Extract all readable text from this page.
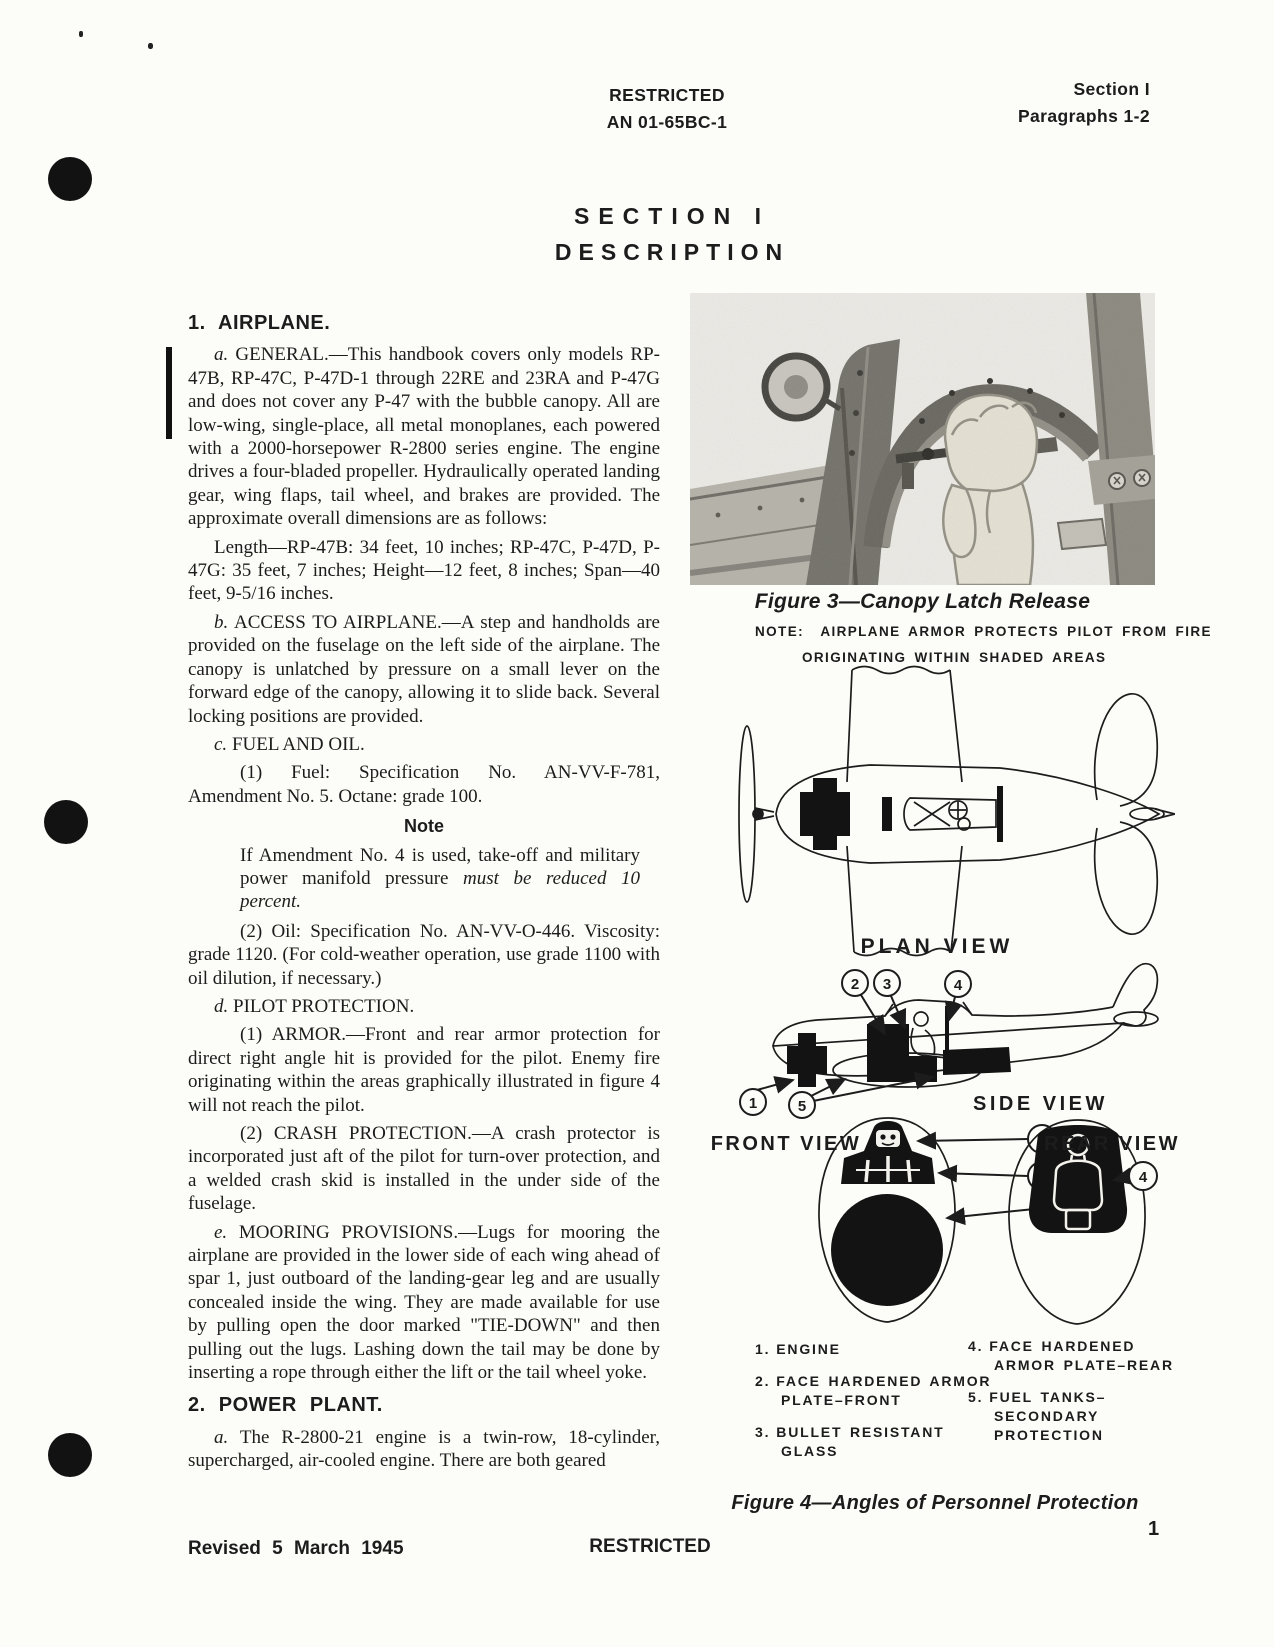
RESTRICTED
AN 01-65BC-1
Section I
Paragraphs 1-2
SECTION I
DESCRIPTION
1. AIRPLANE.

a. GENERAL.—This handbook covers only models RP-47B, RP-47C, P-47D-1 through 22RE and 23RA and P-47G and does not cover any P-47 with the bubble canopy. All are low-wing, single-place, all metal monoplanes, each powered with a 2000-horsepower R-2800 series engine. The engine drives a four-bladed propeller. Hydraulically operated landing gear, wing flaps, tail wheel, and brakes are provided. The approximate overall dimensions are as follows:

Length—RP-47B: 34 feet, 10 inches; RP-47C, P-47D, P-47G: 35 feet, 7 inches; Height—12 feet, 8 inches; Span—40 feet, 9-5/16 inches.

b. ACCESS TO AIRPLANE.—A step and handholds are provided on the fuselage on the left side of the airplane. The canopy is unlatched by pressure on a small lever on the forward edge of the canopy, allowing it to slide back. Several locking positions are provided.

c. FUEL AND OIL.

(1) Fuel: Specification No. AN-VV-F-781, Amendment No. 5. Octane: grade 100.

Note

If Amendment No. 4 is used, take-off and military power manifold pressure must be reduced 10 percent.

(2) Oil: Specification No. AN-VV-O-446. Viscosity: grade 1120. (For cold-weather operation, use grade 1100 with oil dilution, if necessary.)

d. PILOT PROTECTION.

(1) ARMOR.—Front and rear armor protection for direct right angle hit is provided for the pilot. Enemy fire originating within the areas graphically illustrated in figure 4 will not reach the pilot.

(2) CRASH PROTECTION.—A crash protector is incorporated just aft of the pilot for turn-over protection, and a welded crash skid is installed in the under side of the fuselage.

e. MOORING PROVISIONS.—Lugs for mooring the airplane are provided in the lower side of each wing ahead of spar 1, just outboard of the landing-gear leg and are usually concealed inside the wing. They are made available for use by pulling open the door marked "TIE-DOWN" and then pulling out the lugs. Lashing down the tail may be done by inserting a rope through either the lift or the tail wheel yoke.

2. POWER PLANT.

a. The R-2800-21 engine is a twin-row, 18-cylinder, supercharged, air-cooled engine. There are both geared

Figure 3—Canopy Latch Release
NOTE: AIRPLANE ARMOR PROTECTS PILOT FROM FIRE
ORIGINATING WITHIN SHADED AREAS
PLAN VIEW
2 3	4
1	5	SIDE VIEW
FRONT VIEW
4
REAR VIEW
1. ENGINE
2. FACE HARDENED ARMOR PLATE–FRONT
3. BULLET RESISTANT GLASS
4. FACE HARDENED ARMOR PLATE–REAR
5. FUEL TANKS– SECONDARY PROTECTION
Figure 4—Angles of Personnel Protection
Revised 5 March 1945	RESTRICTED
1
